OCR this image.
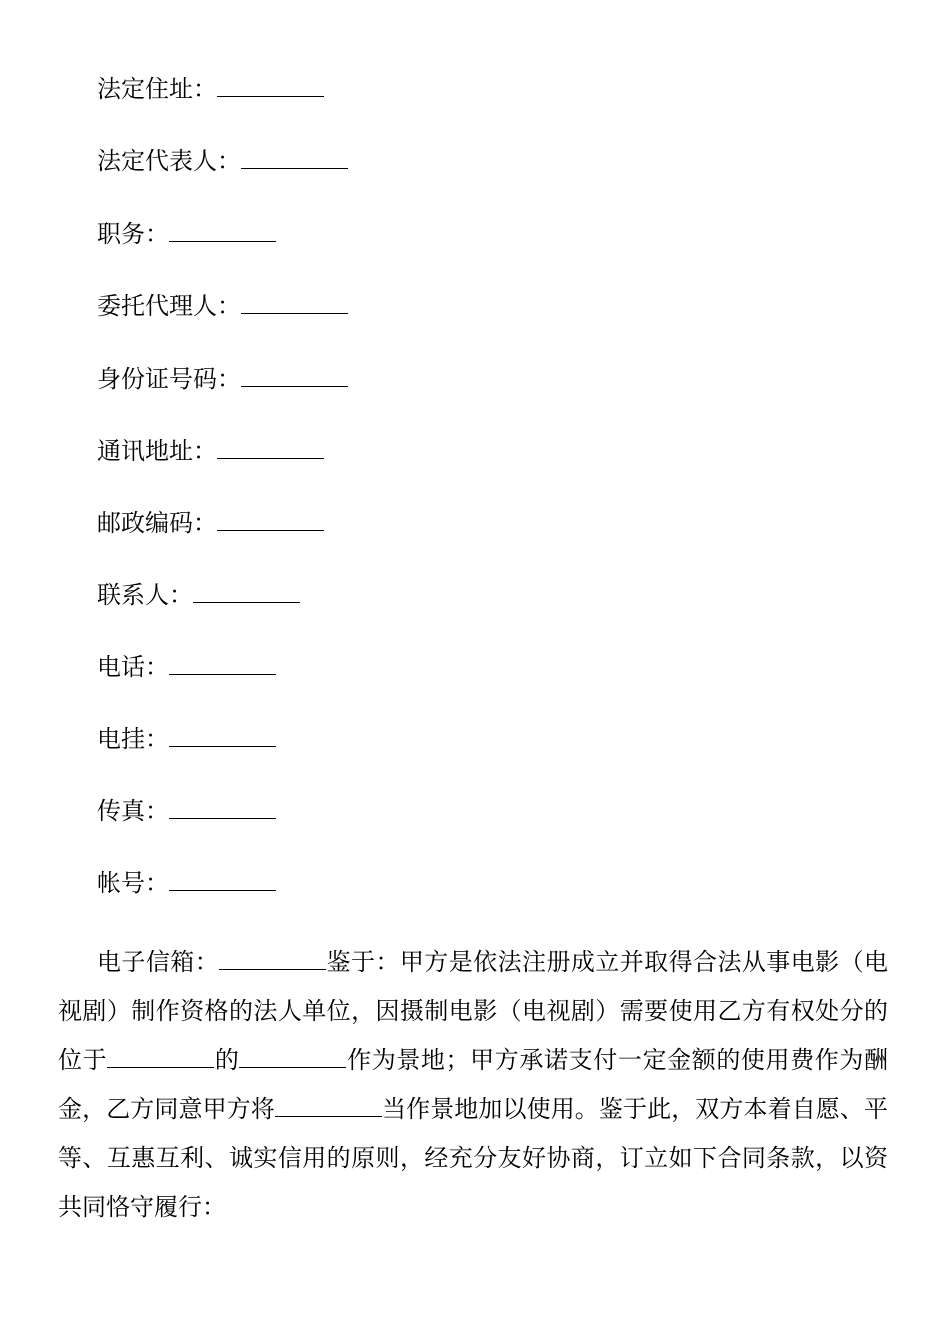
法定住址：
法定代表人：
职务：
委托代理人：
身份证号码：
通讯地址：
邮政编码：
联系人：
电话：
电挂：
传真：
帐号：
电子信箱：	鉴于：甲方是依法注册成立并取得合法从事电影（电
视剧）制作资格的法人单位，因摄制电影（电视剧）需要使用乙方有权处分的
位于	的	作为景地；甲方承诺支付一定金额的使用费作为酬
金，乙方同意甲方将	当作景地加以使用。鉴于此，双方本着自愿、平
等、互惠互利、诚实信用的原则，经充分友好协商，订立如下合同条款，以资
共同恪守履行：
